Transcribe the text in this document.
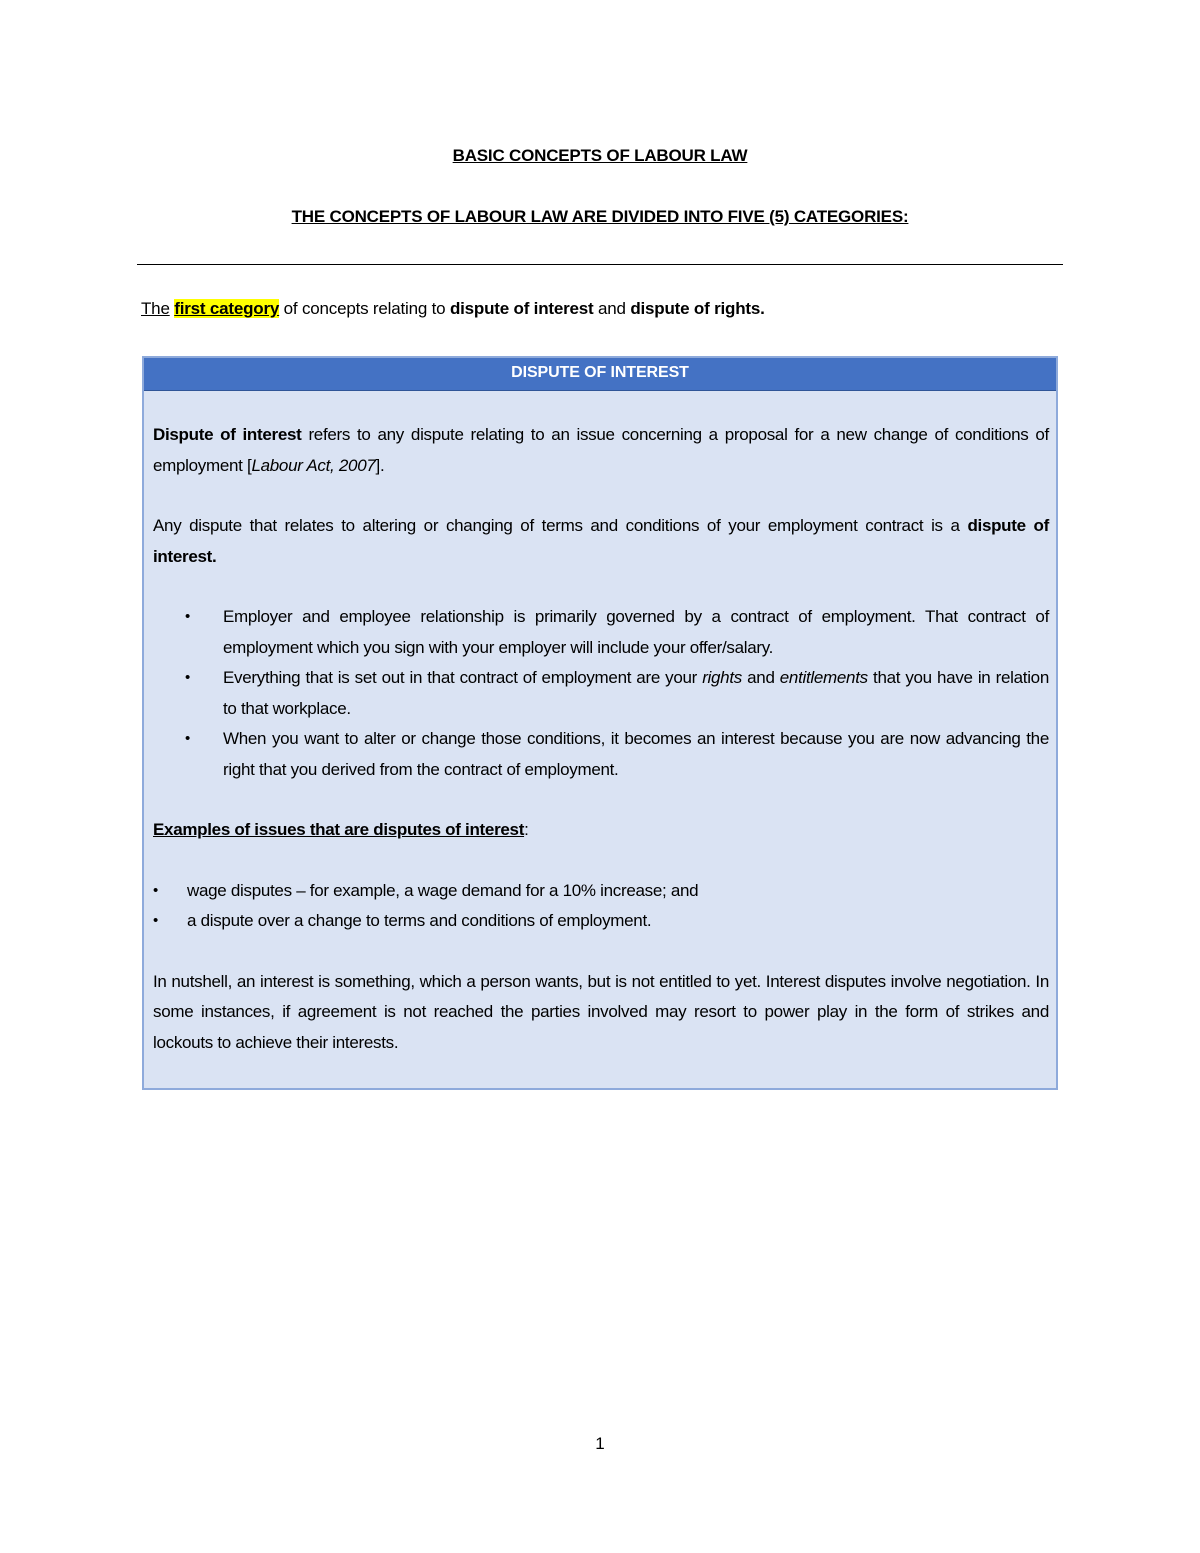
BASIC CONCEPTS OF LABOUR LAW
THE CONCEPTS OF LABOUR LAW ARE DIVIDED INTO FIVE (5) CATEGORIES:
The first category of concepts relating to dispute of interest and dispute of rights.
DISPUTE OF INTEREST

Dispute of interest refers to any dispute relating to an issue concerning a proposal for a new change of conditions of employment [Labour Act, 2007].

Any dispute that relates to altering or changing of terms and conditions of your employment contract is a dispute of interest.

• Employer and employee relationship is primarily governed by a contract of employment. That contract of employment which you sign with your employer will include your offer/salary.
• Everything that is set out in that contract of employment are your rights and entitlements that you have in relation to that workplace.
• When you want to alter or change those conditions, it becomes an interest because you are now advancing the right that you derived from the contract of employment.

Examples of issues that are disputes of interest:

• wage disputes – for example, a wage demand for a 10% increase; and
• a dispute over a change to terms and conditions of employment.

In nutshell, an interest is something, which a person wants, but is not entitled to yet. Interest disputes involve negotiation. In some instances, if agreement is not reached the parties involved may resort to power play in the form of strikes and lockouts to achieve their interests.

1
